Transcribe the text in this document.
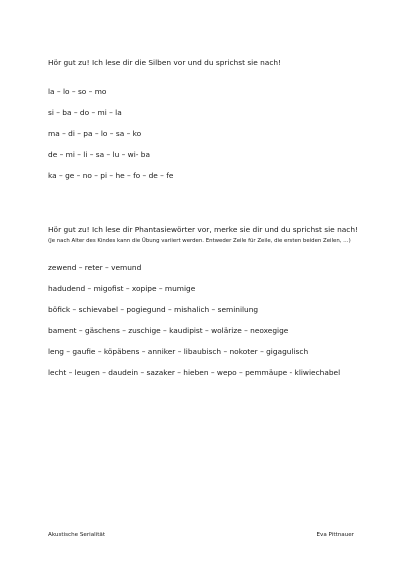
Hör gut zu! Ich lese dir die Silben vor und du sprichst sie nach!

la – lo – so – mo

si – ba – do – mi – la

ma – di – pa – lo – sa – ko

de – mi – li – sa – lu – wi- ba

ka – ge – no – pi – he – fo – de – fe

Hör gut zu! Ich lese dir Phantasiewörter vor, merke sie dir und du sprichst sie nach! (Je nach Alter des Kindes kann die Übung variiert werden. Entweder Zeile für Zeile, die ersten beiden Zeilen, …)

zewend – reter – vemund

hadudend – migofist – xopipe – mumige

böfick – schievabel – pogiegund – mishalich – seminilung

bament – gäschens – zuschige – kaudipist – wolärize – neoxegige

leng – gaufie – köpäbens – anniker – libaubisch – nokoter – gigagulisch

lecht – leugen – daudein – sazaker – hieben – wepo – pemmäupe - kliwiechabel

Akustische Serialität	Eva Pittnauer
